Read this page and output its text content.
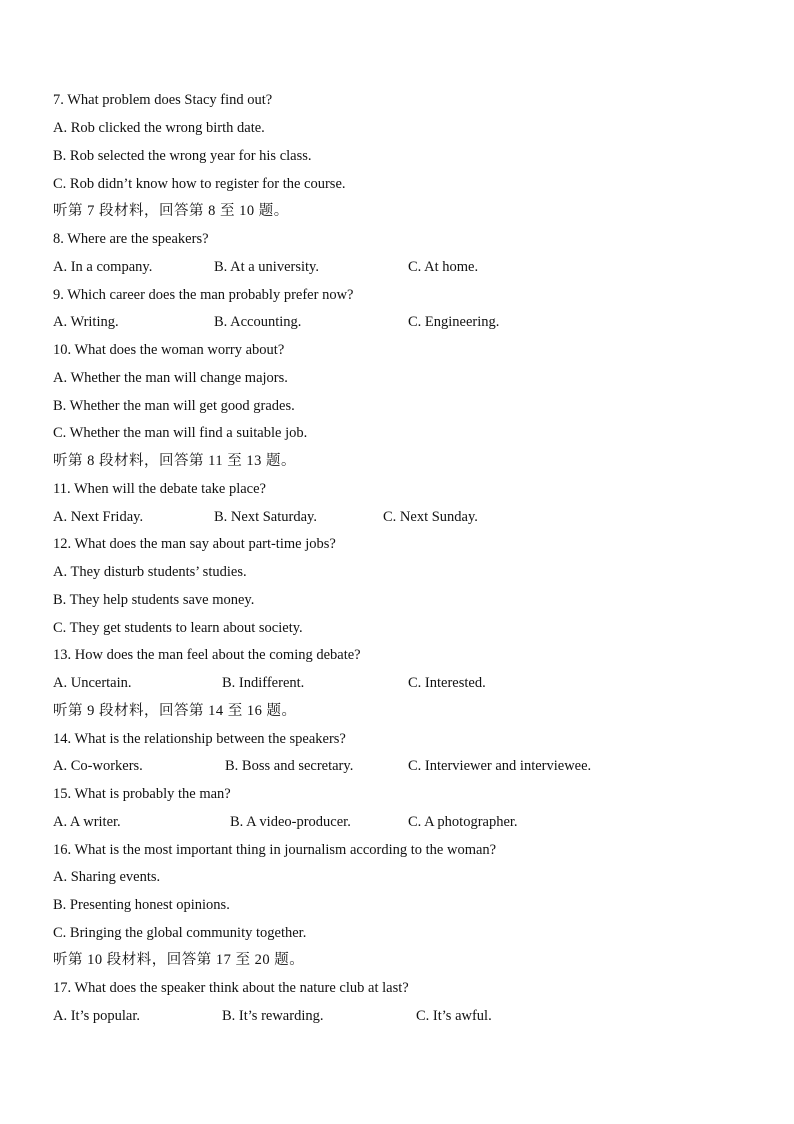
7. What problem does Stacy find out?
A. Rob clicked the wrong birth date.
B. Rob selected the wrong year for his class.
C. Rob didn’t know how to register for the course.
听第 7 段材料，回答第 8 至 10 题。
8. Where are the speakers?
A. In a company.	B. At a university.	C. At home.
9. Which career does the man probably prefer now?
A. Writing.	B. Accounting.	C. Engineering.
10. What does the woman worry about?
A. Whether the man will change majors.
B. Whether the man will get good grades.
C. Whether the man will find a suitable job.
听第 8 段材料，回答第 11 至 13 题。
11. When will the debate take place?
A. Next Friday.	B. Next Saturday.	C. Next Sunday.
12. What does the man say about part-time jobs?
A. They disturb students’ studies.
B. They help students save money.
C. They get students to learn about society.
13. How does the man feel about the coming debate?
A. Uncertain.	B. Indifferent.	C. Interested.
听第 9 段材料，回答第 14 至 16 题。
14. What is the relationship between the speakers?
A. Co-workers.	B. Boss and secretary.	C. Interviewer and interviewee.
15. What is probably the man?
A. A writer.	B. A video-producer.	C. A photographer.
16. What is the most important thing in journalism according to the woman?
A. Sharing events.
B. Presenting honest opinions.
C. Bringing the global community together.
听第 10 段材料，回答第 17 至 20 题。
17. What does the speaker think about the nature club at last?
A. It’s popular.	B. It’s rewarding.	C. It’s awful.
